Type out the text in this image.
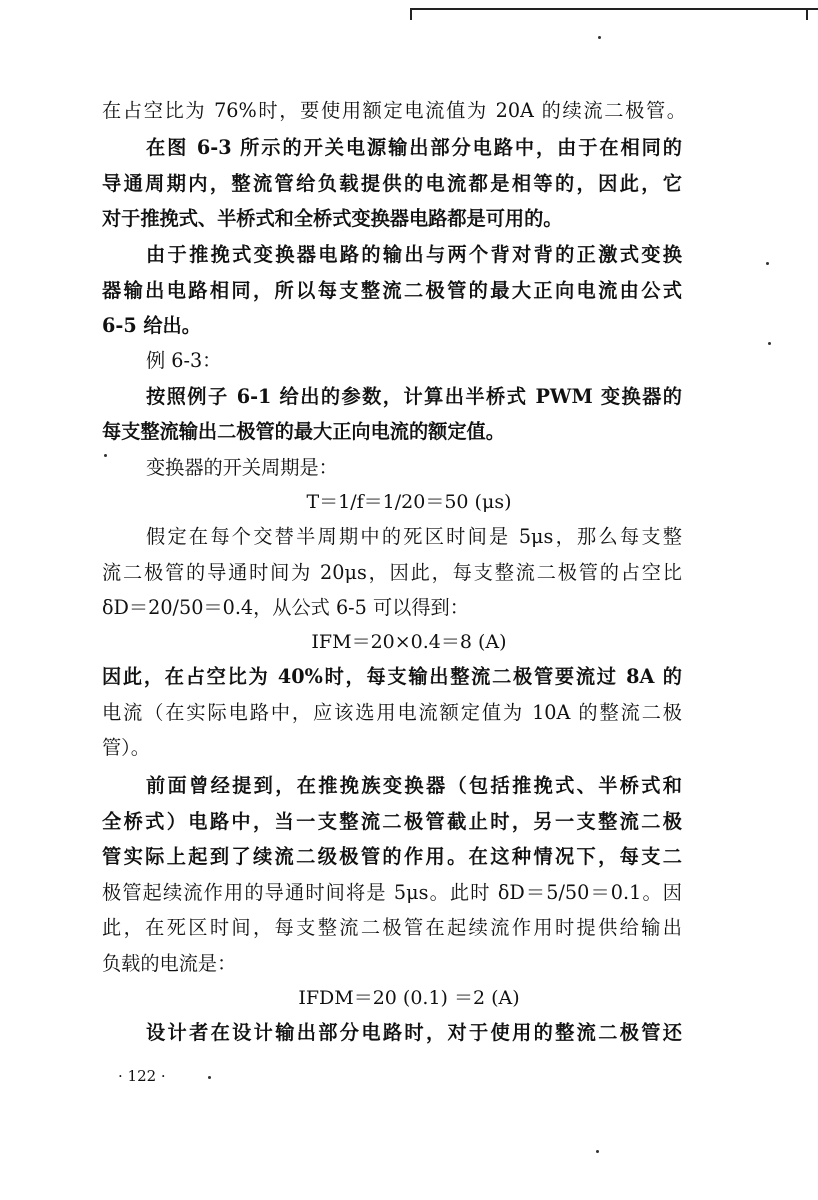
在占空比为 76%时，要使用额定电流值为 20A 的续流二极管。
在图 6-3 所示的开关电源输出部分电路中，由于在相同的
导通周期内，整流管给负载提供的电流都是相等的，因此，它
对于推挽式、半桥式和全桥式变换器电路都是可用的。
由于推挽式变换器电路的输出与两个背对背的正激式变换
器输出电路相同，所以每支整流二极管的最大正向电流由公式
6-5 给出。
例 6-3：
按照例子 6-1 给出的参数，计算出半桥式 PWM 变换器的
每支整流输出二极管的最大正向电流的额定值。
变换器的开关周期是：
T＝1/f＝1/20＝50 (μs)
假定在每个交替半周期中的死区时间是 5μs，那么每支整
流二极管的导通时间为 20μs，因此，每支整流二极管的占空比
δD＝20/50＝0.4，从公式 6-5 可以得到：
IFM＝20×0.4＝8 (A)
因此，在占空比为 40%时，每支输出整流二极管要流过 8A 的
电流（在实际电路中，应该选用电流额定值为 10A 的整流二极
管）。
前面曾经提到，在推挽族变换器（包括推挽式、半桥式和
全桥式）电路中，当一支整流二极管截止时，另一支整流二极
管实际上起到了续流二级极管的作用。在这种情况下，每支二
极管起续流作用的导通时间将是 5μs。此时 δD＝5/50＝0.1。因
此，在死区时间，每支整流二极管在起续流作用时提供给输出
负载的电流是：
IFDM＝20 (0.1) ＝2 (A)
设计者在设计输出部分电路时，对于使用的整流二极管还
· 122 ·
